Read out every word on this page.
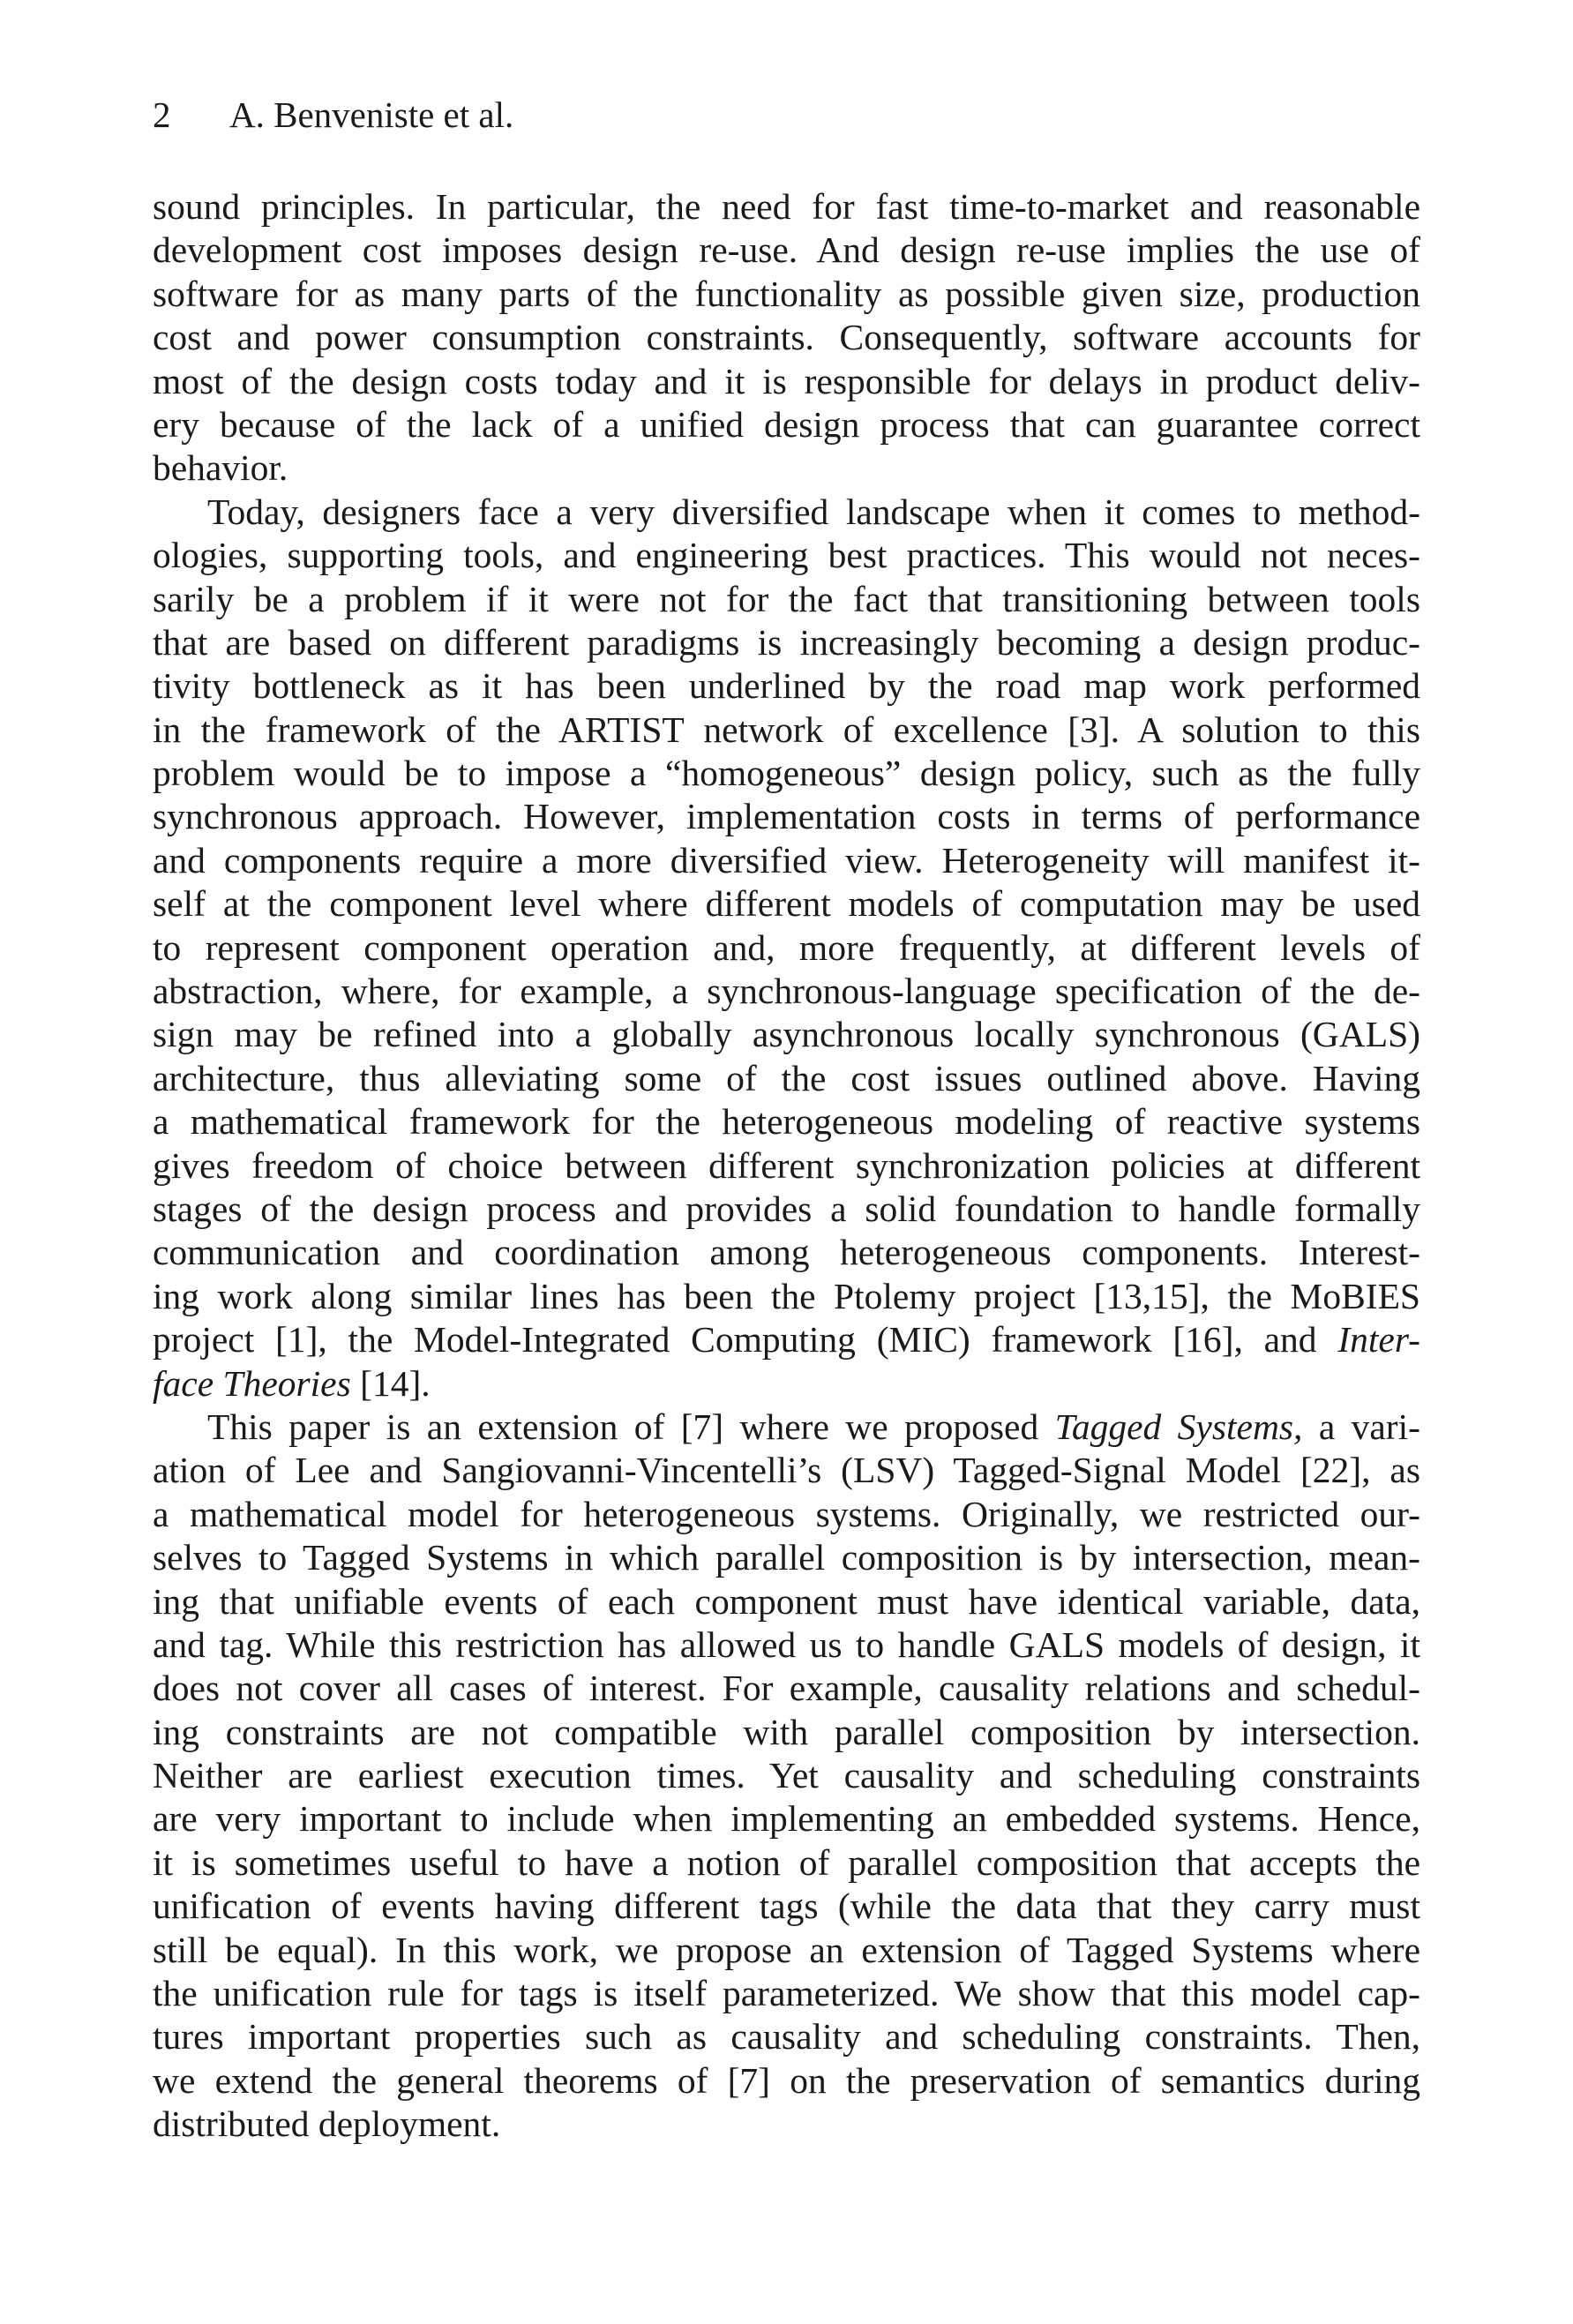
2 A. Benveniste et al.
sound principles. In particular, the need for fast time-to-market and reasonable
development cost imposes design re-use. And design re-use implies the use of
software for as many parts of the functionality as possible given size, production
cost and power consumption constraints. Consequently, software accounts for
most of the design costs today and it is responsible for delays in product deliv-
ery because of the lack of a unified design process that can guarantee correct
behavior.
Today, designers face a very diversified landscape when it comes to method-
ologies, supporting tools, and engineering best practices. This would not neces-
sarily be a problem if it were not for the fact that transitioning between tools
that are based on different paradigms is increasingly becoming a design produc-
tivity bottleneck as it has been underlined by the road map work performed
in the framework of the ARTIST network of excellence [3]. A solution to this
problem would be to impose a “homogeneous” design policy, such as the fully
synchronous approach. However, implementation costs in terms of performance
and components require a more diversified view. Heterogeneity will manifest it-
self at the component level where different models of computation may be used
to represent component operation and, more frequently, at different levels of
abstraction, where, for example, a synchronous-language specification of the de-
sign may be refined into a globally asynchronous locally synchronous (GALS)
architecture, thus alleviating some of the cost issues outlined above. Having
a mathematical framework for the heterogeneous modeling of reactive systems
gives freedom of choice between different synchronization policies at different
stages of the design process and provides a solid foundation to handle formally
communication and coordination among heterogeneous components. Interest-
ing work along similar lines has been the Ptolemy project [13,15], the MoBIES
project [1], the Model-Integrated Computing (MIC) framework [16], and Inter-
face Theories [14].
This paper is an extension of [7] where we proposed Tagged Systems, a vari-
ation of Lee and Sangiovanni-Vincentelli’s (LSV) Tagged-Signal Model [22], as
a mathematical model for heterogeneous systems. Originally, we restricted our-
selves to Tagged Systems in which parallel composition is by intersection, mean-
ing that unifiable events of each component must have identical variable, data,
and tag. While this restriction has allowed us to handle GALS models of design, it
does not cover all cases of interest. For example, causality relations and schedul-
ing constraints are not compatible with parallel composition by intersection.
Neither are earliest execution times. Yet causality and scheduling constraints
are very important to include when implementing an embedded systems. Hence,
it is sometimes useful to have a notion of parallel composition that accepts the
unification of events having different tags (while the data that they carry must
still be equal). In this work, we propose an extension of Tagged Systems where
the unification rule for tags is itself parameterized. We show that this model cap-
tures important properties such as causality and scheduling constraints. Then,
we extend the general theorems of [7] on the preservation of semantics during
distributed deployment.
